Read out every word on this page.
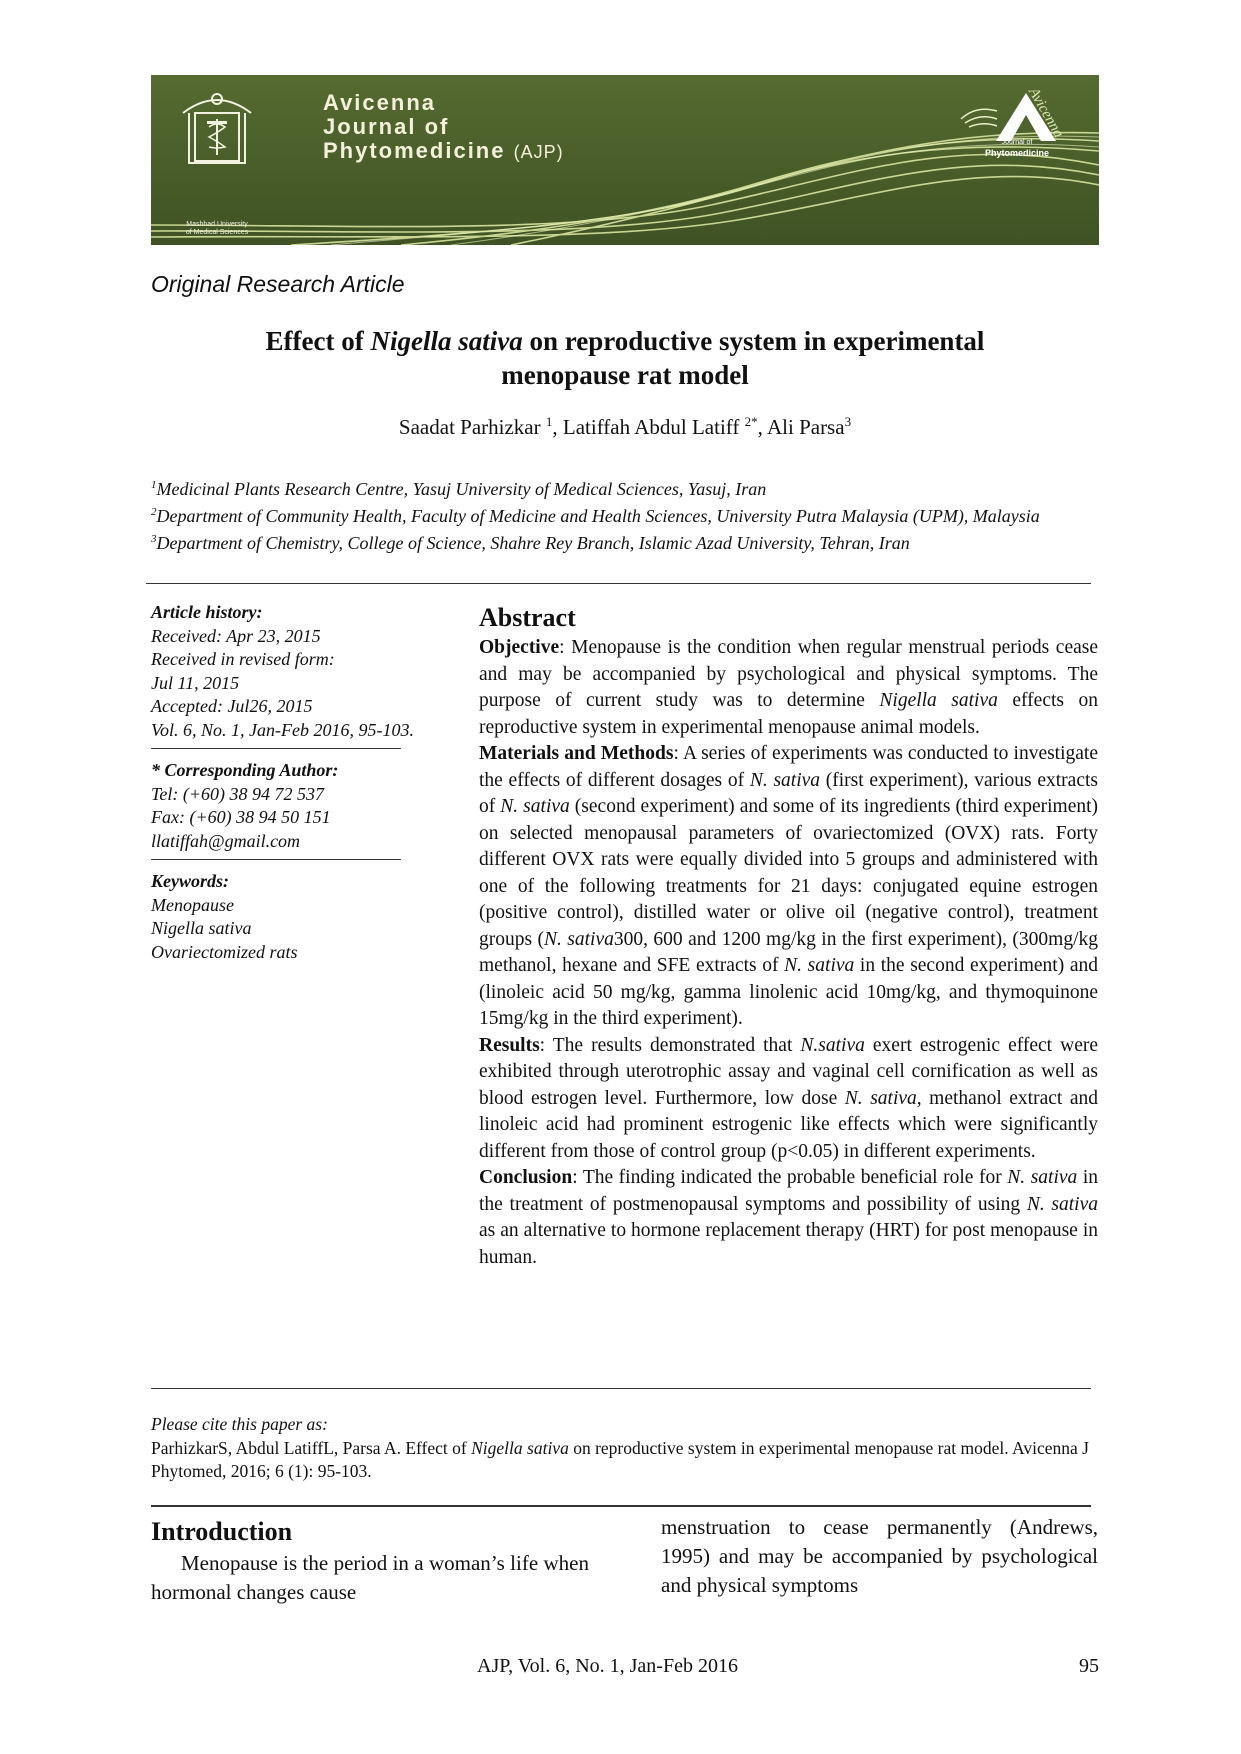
Mashhad University
of Medical Sciences
Avicenna
Journal of
Phytomedicine (AJP)	Journal of
Phytomedicine
Avicenna
Original Research Article
Effect of Nigella sativa on reproductive system in experimental
menopause rat model
Saadat Parhizkar $^1$, Latiffah Abdul Latiff $^{2*}$, Ali Parsa$^3$
$^1$Medicinal Plants Research Centre, Yasuj University of Medical Sciences, Yasuj, Iran
$^2$Department of Community Health, Faculty of Medicine and Health Sciences, University Putra Malaysia (UPM), Malaysia
$^3$Department of Chemistry, College of Science, Shahre Rey Branch, Islamic Azad University, Tehran, Iran
Article history:
Received: Apr 23, 2015
Received in revised form:
Jul 11, 2015
Accepted: Jul26, 2015
Vol. 6, No. 1, Jan-Feb 2016, 95-103.
* Corresponding Author:
Tel: (+60) 38 94 72 537
Fax: (+60) 38 94 50 151
llatiffah@gmail.com
Keywords:
Menopause
Nigella sativa
Ovariectomized rats
Abstract

Objective: Menopause is the condition when regular menstrual periods cease and may be accompanied by psychological and physical symptoms. The purpose of current study was to determine Nigella sativa effects on reproductive system in experimental menopause animal models.

Materials and Methods: A series of experiments was conducted to investigate the effects of different dosages of N. sativa (first experiment), various extracts of N. sativa (second experiment) and some of its ingredients (third experiment) on selected menopausal parameters of ovariectomized (OVX) rats. Forty different OVX rats were equally divided into 5 groups and administered with one of the following treatments for 21 days: conjugated equine estrogen (positive control), distilled water or olive oil (negative control), treatment groups (N. sativa300, 600 and 1200 mg/kg in the first experiment), (300mg/kg methanol, hexane and SFE extracts of N. sativa in the second experiment) and (linoleic acid 50 mg/kg, gamma linolenic acid 10mg/kg, and thymoquinone 15mg/kg in the third experiment).

Results: The results demonstrated that N.sativa exert estrogenic effect were exhibited through uterotrophic assay and vaginal cell cornification as well as blood estrogen level. Furthermore, low dose N. sativa, methanol extract and linoleic acid had prominent estrogenic like effects which were significantly different from those of control group (p<0.05) in different experiments.

Conclusion: The finding indicated the probable beneficial role for N. sativa in the treatment of postmenopausal symptoms and possibility of using N. sativa as an alternative to hormone replacement therapy (HRT) for post menopause in human.

Please cite this paper as:
ParhizkarS, Abdul LatiffL, Parsa A. Effect of Nigella sativa on reproductive system in experimental menopause rat model. Avicenna J Phytomed, 2016; 6 (1): 95-103.
Introduction

Menopause is the period in a woman’s life when hormonal changes cause

menstruation to cease permanently (Andrews, 1995) and may be accompanied by psychological and physical symptoms

AJP, Vol. 6, No. 1, Jan-Feb 2016	95
